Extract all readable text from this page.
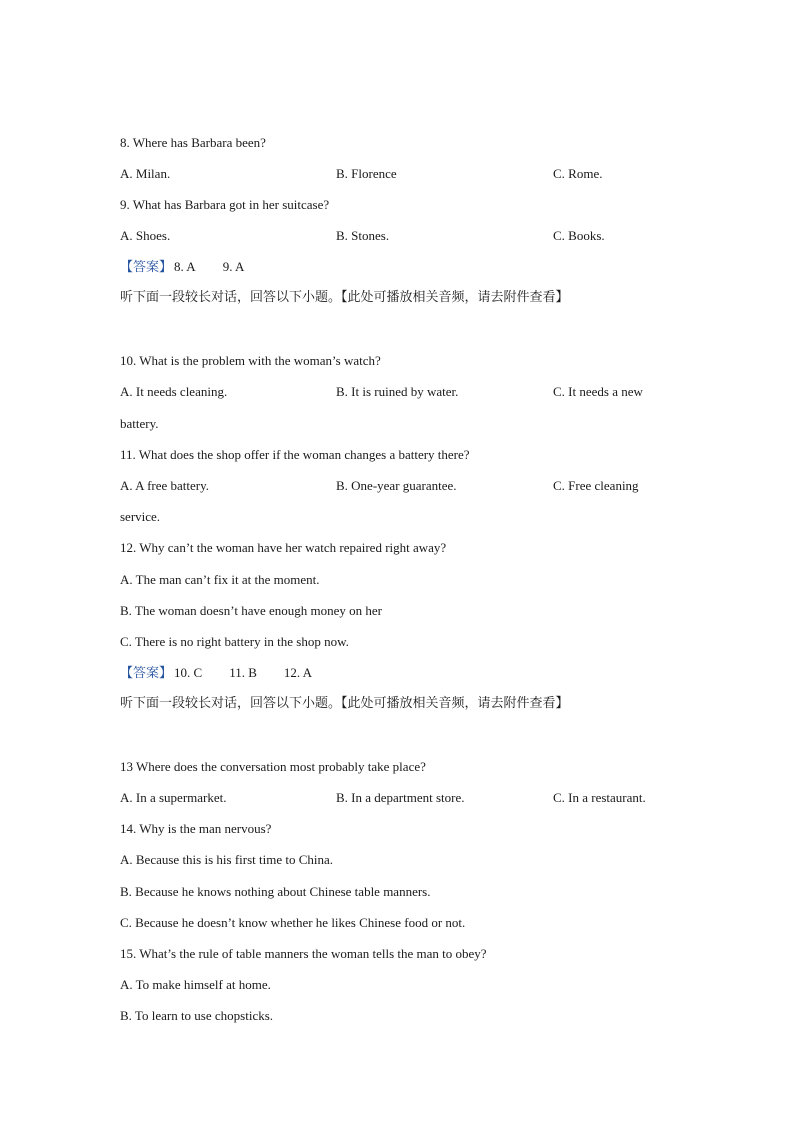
8. Where has Barbara been?
A. Milan.	B. Florence	C. Rome.
9. What has Barbara got in her suitcase?
A. Shoes.	B. Stones.	C. Books.
【答案】 8. A 9. A
听下面一段较长对话，回答以下小题。【此处可播放相关音频，请去附件查看】
10. What is the problem with the woman’s watch?
A. It needs cleaning.	B. It is ruined by water.	C. It needs a new
battery.
11. What does the shop offer if the woman changes a battery there?
A. A free battery.	B. One-year guarantee.	C. Free cleaning
service.
12. Why can’t the woman have her watch repaired right away?
A. The man can’t fix it at the moment.
B. The woman doesn’t have enough money on her
C. There is no right battery in the shop now.
【答案】 10. C 11. B 12. A
听下面一段较长对话，回答以下小题。【此处可播放相关音频，请去附件查看】
13 Where does the conversation most probably take place?
A. In a supermarket.	B. In a department store.	C. In a restaurant.
14. Why is the man nervous?
A. Because this is his first time to China.
B. Because he knows nothing about Chinese table manners.
C. Because he doesn’t know whether he likes Chinese food or not.
15. What’s the rule of table manners the woman tells the man to obey?
A. To make himself at home.
B. To learn to use chopsticks.
